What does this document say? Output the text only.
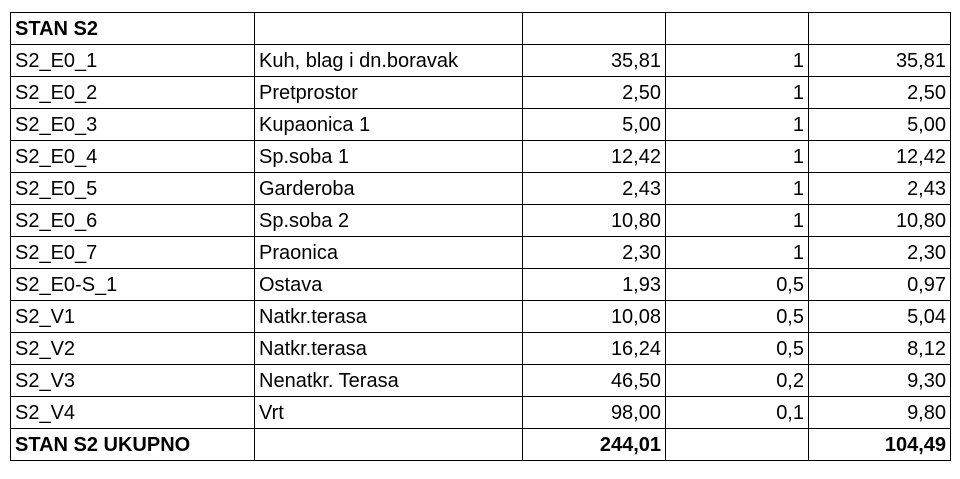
STAN S2				
S2_E0_1	Kuh, blag i dn.boravak	35,81	1	35,81
S2_E0_2	Pretprostor	2,50	1	2,50
S2_E0_3	Kupaonica 1	5,00	1	5,00
S2_E0_4	Sp.soba 1	12,42	1	12,42
S2_E0_5	Garderoba	2,43	1	2,43
S2_E0_6	Sp.soba 2	10,80	1	10,80
S2_E0_7	Praonica	2,30	1	2,30
S2_E0-S_1	Ostava	1,93	0,5	0,97
S2_V1	Natkr.terasa	10,08	0,5	5,04
S2_V2	Natkr.terasa	16,24	0,5	8,12
S2_V3	Nenatkr. Terasa	46,50	0,2	9,30
S2_V4	Vrt	98,00	0,1	9,80
STAN S2 UKUPNO		244,01		104,49
